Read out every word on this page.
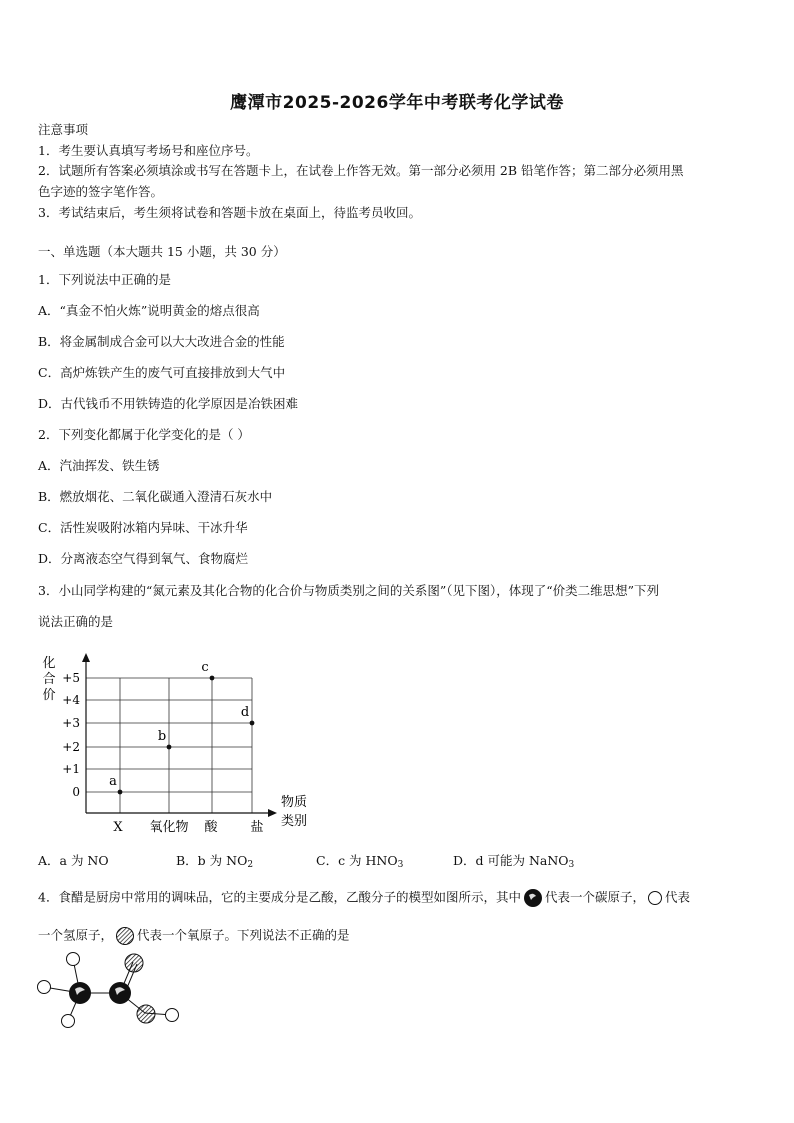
鹰潭市2025-2026学年中考联考化学试卷
注意事项
1．考生要认真填写考场号和座位序号。
2．试题所有答案必须填涂或书写在答题卡上，在试卷上作答无效。第一部分必须用 2B 铅笔作答；第二部分必须用黑
色字迹的签字笔作答。
3．考试结束后，考生须将试卷和答题卡放在桌面上，待监考员收回。
一、单选题（本大题共 15 小题，共 30 分）
1．下列说法中正确的是
A．“真金不怕火炼”说明黄金的熔点很高
B．将金属制成合金可以大大改进合金的性能
C．高炉炼铁产生的废气可直接排放到大气中
D．古代钱币不用铁铸造的化学原因是冶铁困难
2．下列变化都属于化学变化的是（ ）
A．汽油挥发、铁生锈
B．燃放烟花、二氧化碳通入澄清石灰水中
C．活性炭吸附冰箱内异味、干冰升华
D．分离液态空气得到氧气、食物腐烂
3．小山同学构建的“氮元素及其化合物的化合价与物质类别之间的关系图”（见下图），体现了“价类二维思想”下列
说法正确的是
0
+1
+2
+3
+4
+5
X 氧化物 酸	盐
a
b
c
d
化
合
价
物质
类别
A．a 为 NO	B．b 为 $NO_2$	C．c 为 $HNO_3$	D．d 可能为 NaNO$_3$
4．食醋是厨房中常用的调味品，它的主要成分是乙酸，乙酸分子的模型如图所示，其中 代表一个碳原子， 代表
一个氢原子， 代表一个氧原子。下列说法不正确的是
